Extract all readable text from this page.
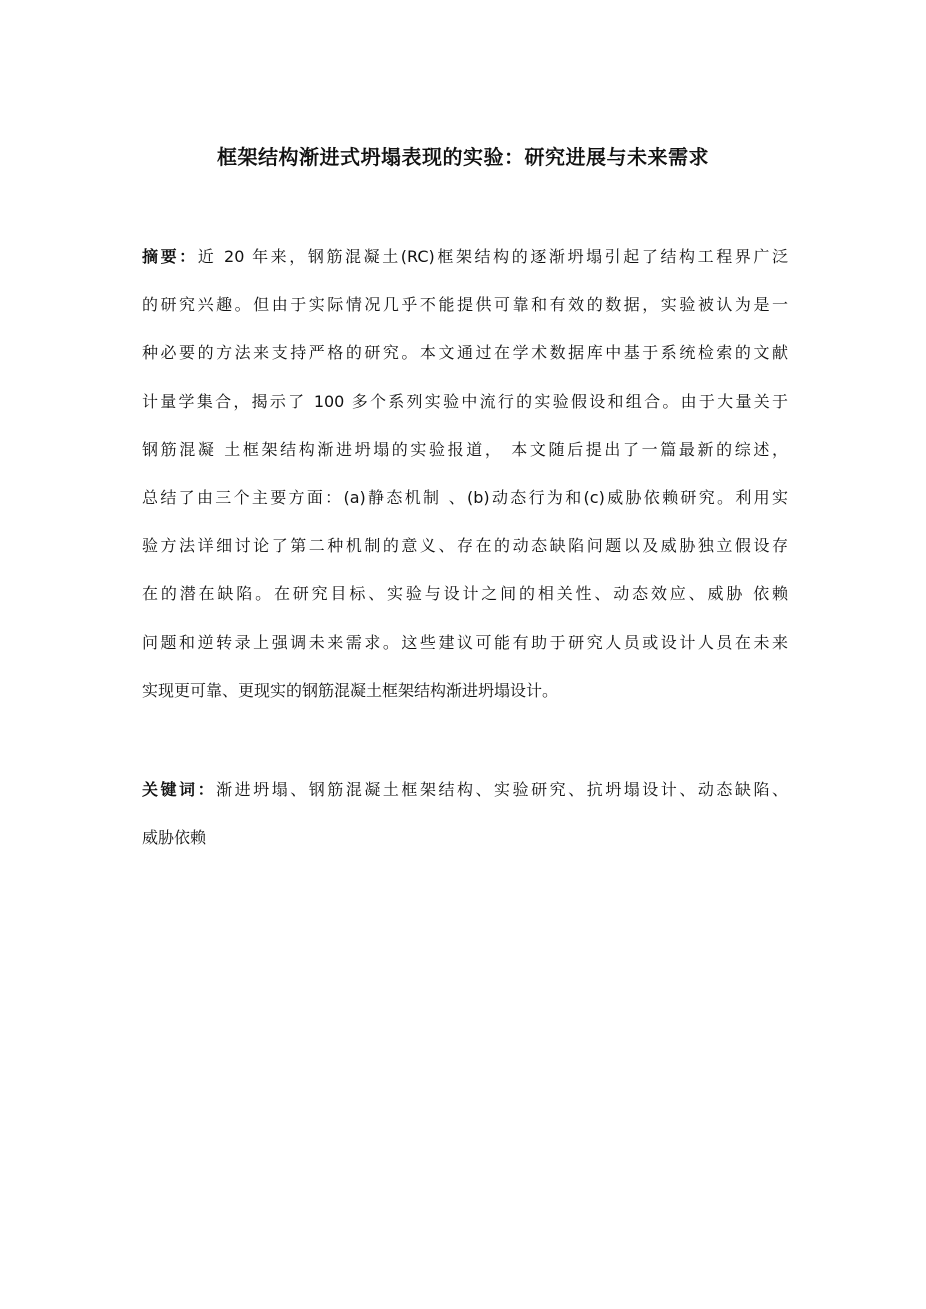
框架结构渐进式坍塌表现的实验：研究进展与未来需求
摘要：近 20 年来，钢筋混凝土(RC)框架结构的逐渐坍塌引起了结构工程界广泛
的研究兴趣。但由于实际情况几乎不能提供可靠和有效的数据，实验被认为是一
种必要的方法来支持严格的研究。本文通过在学术数据库中基于系统检索的文献
计量学集合，揭示了 100 多个系列实验中流行的实验假设和组合。由于大量关于
钢筋混凝 土框架结构渐进坍塌的实验报道， 本文随后提出了一篇最新的综述，
总结了由三个主要方面：(a)静态机制 、(b)动态行为和(c)威胁依赖研究。利用实
验方法详细讨论了第二种机制的意义、存在的动态缺陷问题以及威胁独立假设存
在的潜在缺陷。在研究目标、实验与设计之间的相关性、动态效应、威胁 依赖
问题和逆转录上强调未来需求。这些建议可能有助于研究人员或设计人员在未来
实现更可靠、更现实的钢筋混凝土框架结构渐进坍塌设计。
关键词：渐进坍塌、钢筋混凝土框架结构、实验研究、抗坍塌设计、动态缺陷、
威胁依赖
